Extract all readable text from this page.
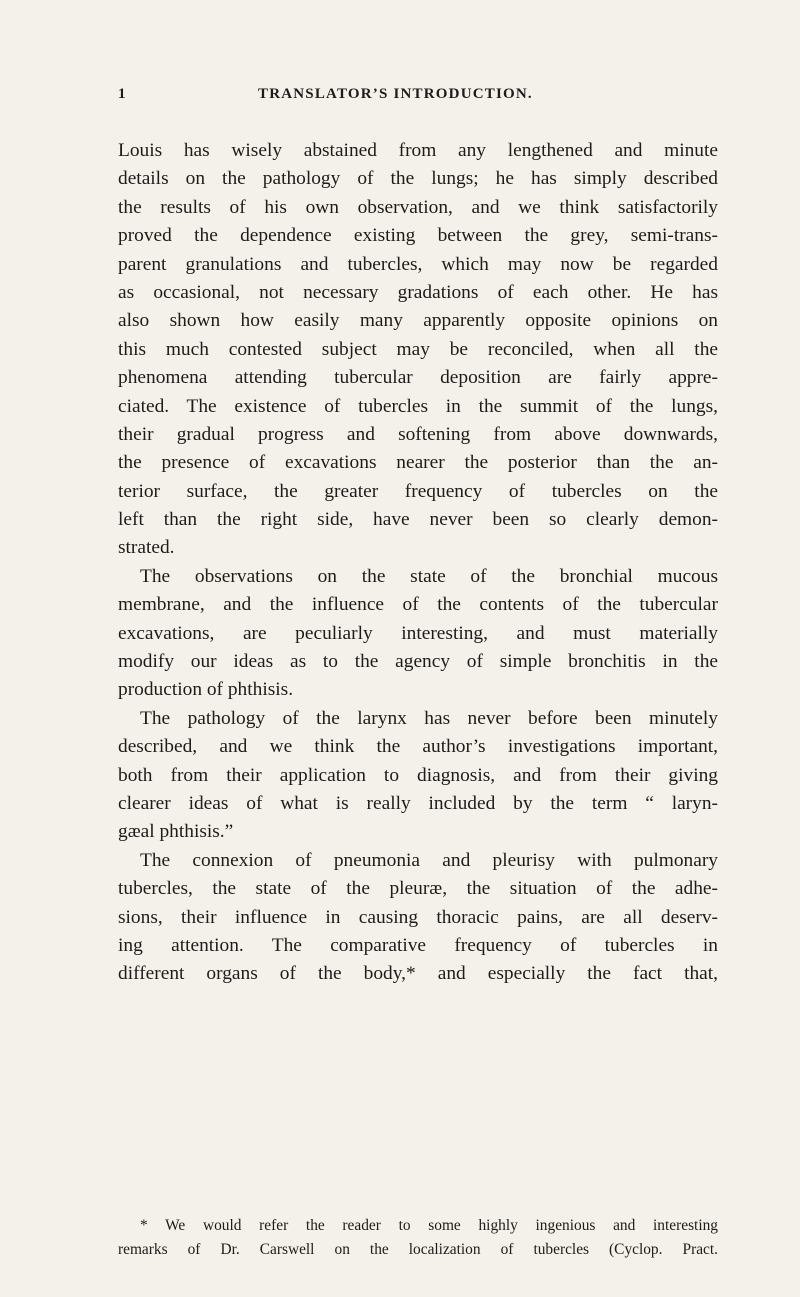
1	TRANSLATOR’S INTRODUCTION.
Louis has wisely abstained from any lengthened and minute
details on the pathology of the lungs; he has simply described
the results of his own observation, and we think satisfactorily
proved the dependence existing between the grey, semi-trans-
parent granulations and tubercles, which may now be regarded
as occasional, not necessary gradations of each other. He has
also shown how easily many apparently opposite opinions on
this much contested subject may be reconciled, when all the
phenomena attending tubercular deposition are fairly appre-
ciated. The existence of tubercles in the summit of the lungs,
their gradual progress and softening from above downwards,
the presence of excavations nearer the posterior than the an-
terior surface, the greater frequency of tubercles on the
left than the right side, have never been so clearly demon-
strated.
The observations on the state of the bronchial mucous
membrane, and the influence of the contents of the tubercular
excavations, are peculiarly interesting, and must materially
modify our ideas as to the agency of simple bronchitis in the
production of phthisis.
The pathology of the larynx has never before been minutely
described, and we think the author’s investigations important,
both from their application to diagnosis, and from their giving
clearer ideas of what is really included by the term “ laryn-
gæal phthisis.”
The connexion of pneumonia and pleurisy with pulmonary
tubercles, the state of the pleuræ, the situation of the adhe-
sions, their influence in causing thoracic pains, are all deserv-
ing attention. The comparative frequency of tubercles in
different organs of the body,* and especially the fact that,
* We would refer the reader to some highly ingenious and interesting
remarks of Dr. Carswell on the localization of tubercles (Cyclop. Pract.
